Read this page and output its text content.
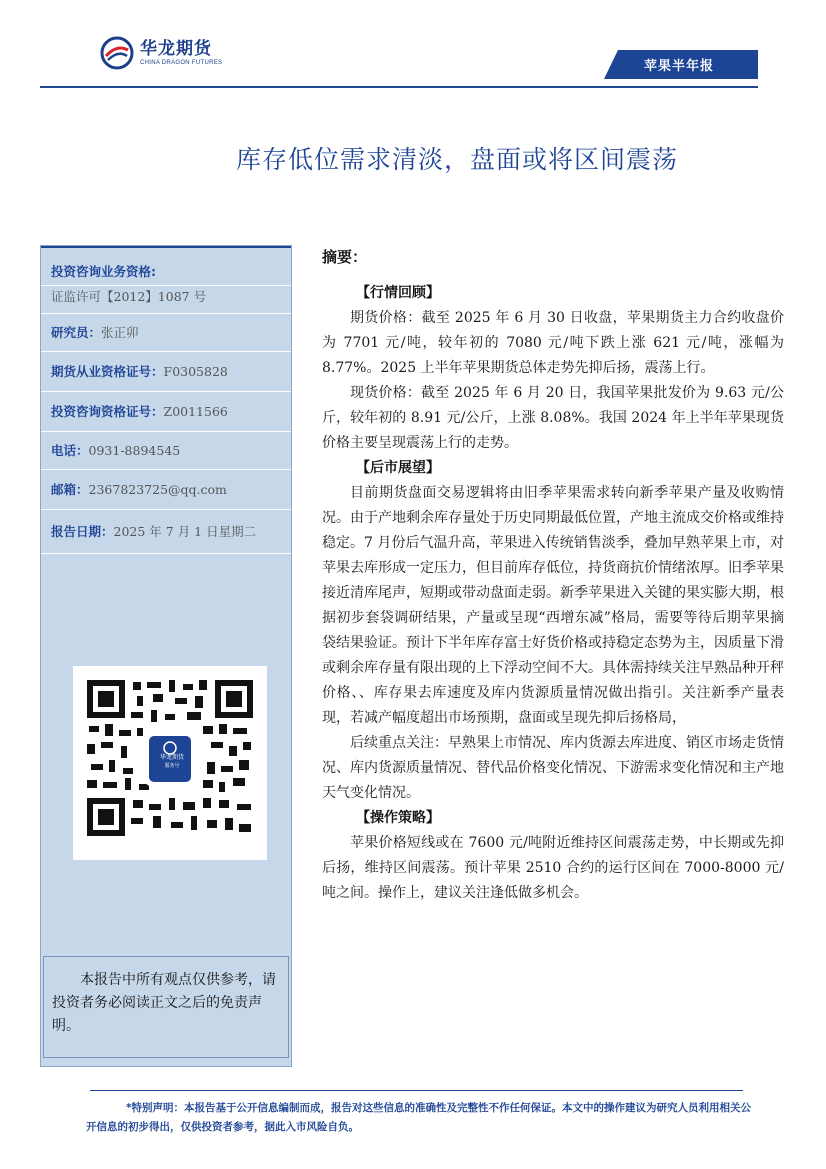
华龙期货
CHINA DRAGON FUTURES	苹果半年报
库存低位需求清淡，盘面或将区间震荡
投资咨询业务资格:
证监许可【2012】1087 号
研究员：张正卯
期货从业资格证号：F0305828
投资咨询资格证号：Z0011566
电话：0931-8894545
邮箱：2367823725@qq.com
报告日期：2025 年 7 月 1 日星期二
华龙期货
服务号
本报告中所有观点仅供参考，请投资者务必阅读正文之后的免责声明。
摘要：
【行情回顾】

期货价格：截至 2025 年 6 月 30 日收盘，苹果期货主力合约收盘价为 7701 元/吨，较年初的 7080 元/吨下跌上涨 621 元/吨，涨幅为 8.77%。2025 上半年苹果期货总体走势先抑后扬，震荡上行。

现货价格：截至 2025 年 6 月 20 日，我国苹果批发价为 9.63 元/公斤，较年初的 8.91 元/公斤，上涨 8.08%。我国 2024 年上半年苹果现货价格主要呈现震荡上行的走势。

【后市展望】

目前期货盘面交易逻辑将由旧季苹果需求转向新季苹果产量及收购情况。由于产地剩余库存量处于历史同期最低位置，产地主流成交价格或维持稳定。7 月份后气温升高，苹果进入传统销售淡季，叠加早熟苹果上市，对苹果去库形成一定压力，但目前库存低位，持货商抗价情绪浓厚。旧季苹果接近清库尾声，短期或带动盘面走弱。新季苹果进入关键的果实膨大期，根据初步套袋调研结果，产量或呈现“西增东减”格局，需要等待后期苹果摘袋结果验证。预计下半年库存富士好货价格或持稳定态势为主，因质量下滑或剩余库存量有限出现的上下浮动空间不大。具体需持续关注早熟品种开秤价格、、库存果去库速度及库内货源质量情况做出指引。关注新季产量表现，若减产幅度超出市场预期，盘面或呈现先抑后扬格局，

后续重点关注：早熟果上市情况、库内货源去库进度、销区市场走货情况、库内货源质量情况、替代品价格变化情况、下游需求变化情况和主产地天气变化情况。

【操作策略】

苹果价格短线或在 7600 元/吨附近维持区间震荡走势，中长期或先抑后扬，维持区间震荡。预计苹果 2510 合约的运行区间在 7000-8000 元/吨之间。操作上，建议关注逢低做多机会。

*特别声明：本报告基于公开信息编制而成，报告对这些信息的准确性及完整性不作任何保证。本文中的操作建议为研究人员利用相关公开信息的初步得出，仅供投资者参考，据此入市风险自负。
